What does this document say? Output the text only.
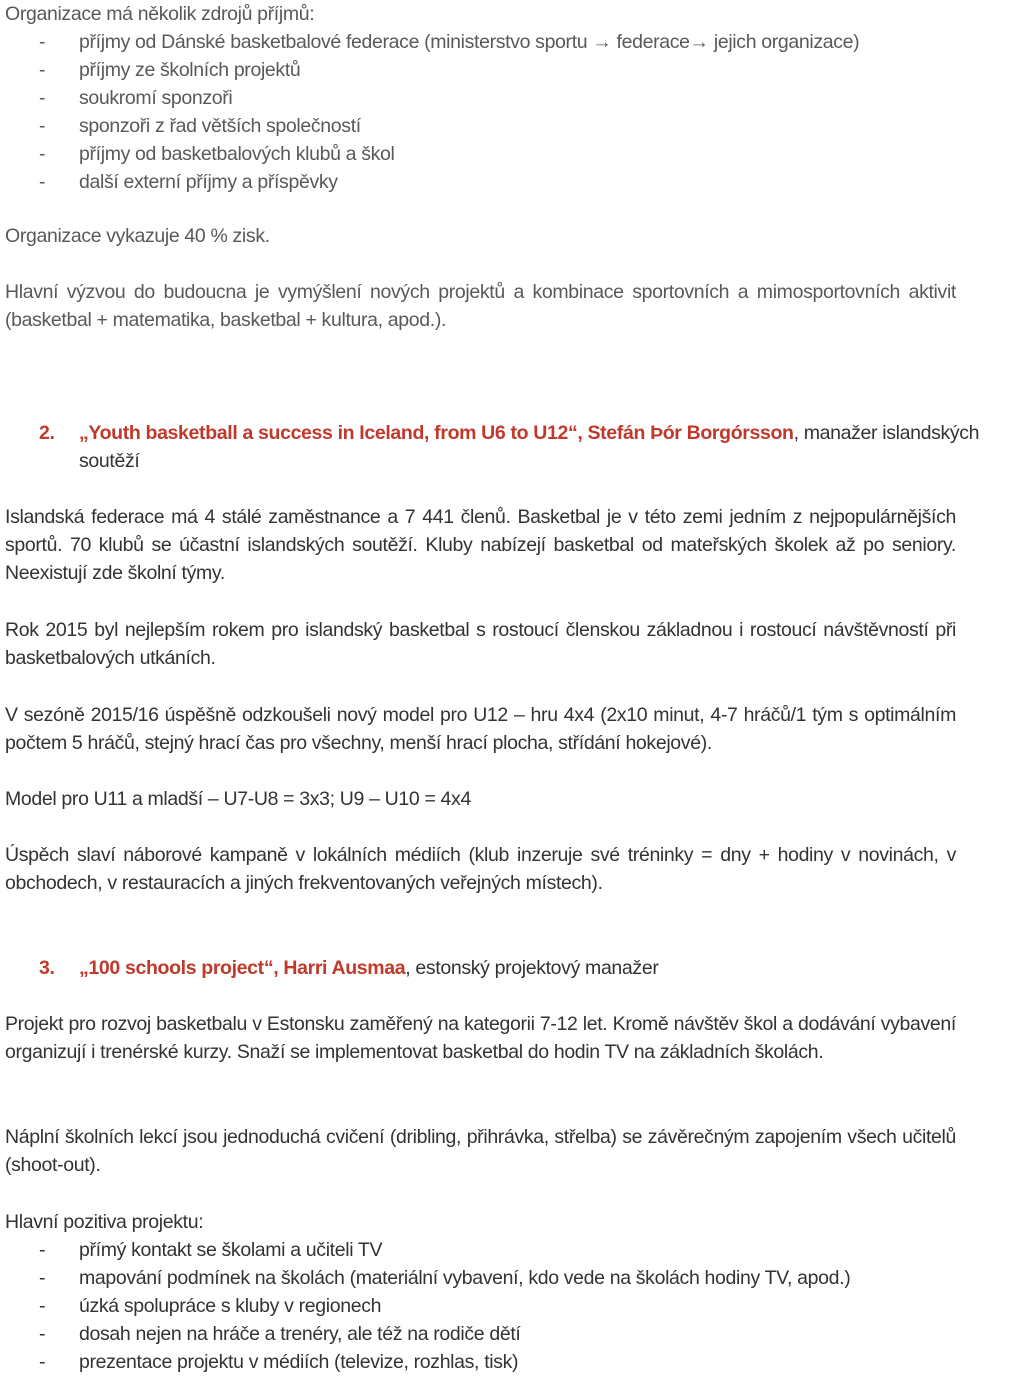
Organizace má několik zdrojů příjmů:

- příjmy od Dánské basketbalové federace (ministerstvo sportu → federace→ jejich organizace)
- příjmy ze školních projektů
- soukromí sponzoři
- sponzoři z řad větších společností
- příjmy od basketbalových klubů a škol
- další externí příjmy a příspěvky

Organizace vykazuje 40 % zisk.

Hlavní výzvou do budoucna je vymýšlení nových projektů a kombinace sportovních a mimosportovních aktivit (basketbal + matematika, basketbal + kultura, apod.).

2. „Youth basketball a success in Iceland, from U6 to U12“, Stefán Þór Borgórsson, manažer islandských soutěží

Islandská federace má 4 stálé zaměstnance a 7 441 členů. Basketbal je v této zemi jedním z nejpopulárnějších sportů. 70 klubů se účastní islandských soutěží. Kluby nabízejí basketbal od mateřských školek až po seniory. Neexistují zde školní týmy.

Rok 2015 byl nejlepším rokem pro islandský basketbal s rostoucí členskou základnou i rostoucí návštěvností při basketbalových utkáních.

V sezóně 2015/16 úspěšně odzkoušeli nový model pro U12 – hru 4x4 (2x10 minut, 4-7 hráčů/1 tým s optimálním počtem 5 hráčů, stejný hrací čas pro všechny, menší hrací plocha, střídání hokejové).

Model pro U11 a mladší – U7-U8 = 3x3; U9 – U10 = 4x4

Úspěch slaví náborové kampaně v lokálních médiích (klub inzeruje své tréninky = dny + hodiny v novinách, v obchodech, v restauracích a jiných frekventovaných veřejných místech).

3. „100 schools project“, Harri Ausmaa, estonský projektový manažer

Projekt pro rozvoj basketbalu v Estonsku zaměřený na kategorii 7-12 let. Kromě návštěv škol a dodávání vybavení organizují i trenérské kurzy. Snaží se implementovat basketbal do hodin TV na základních školách.

Náplní školních lekcí jsou jednoduchá cvičení (dribling, přihrávka, střelba) se závěrečným zapojením všech učitelů (shoot-out).

Hlavní pozitiva projektu:

- přímý kontakt se školami a učiteli TV
- mapování podmínek na školách (materiální vybavení, kdo vede na školách hodiny TV, apod.)
- úzká spolupráce s kluby v regionech
- dosah nejen na hráče a trenéry, ale též na rodiče dětí
- prezentace projektu v médiích (televize, rozhlas, tisk)
